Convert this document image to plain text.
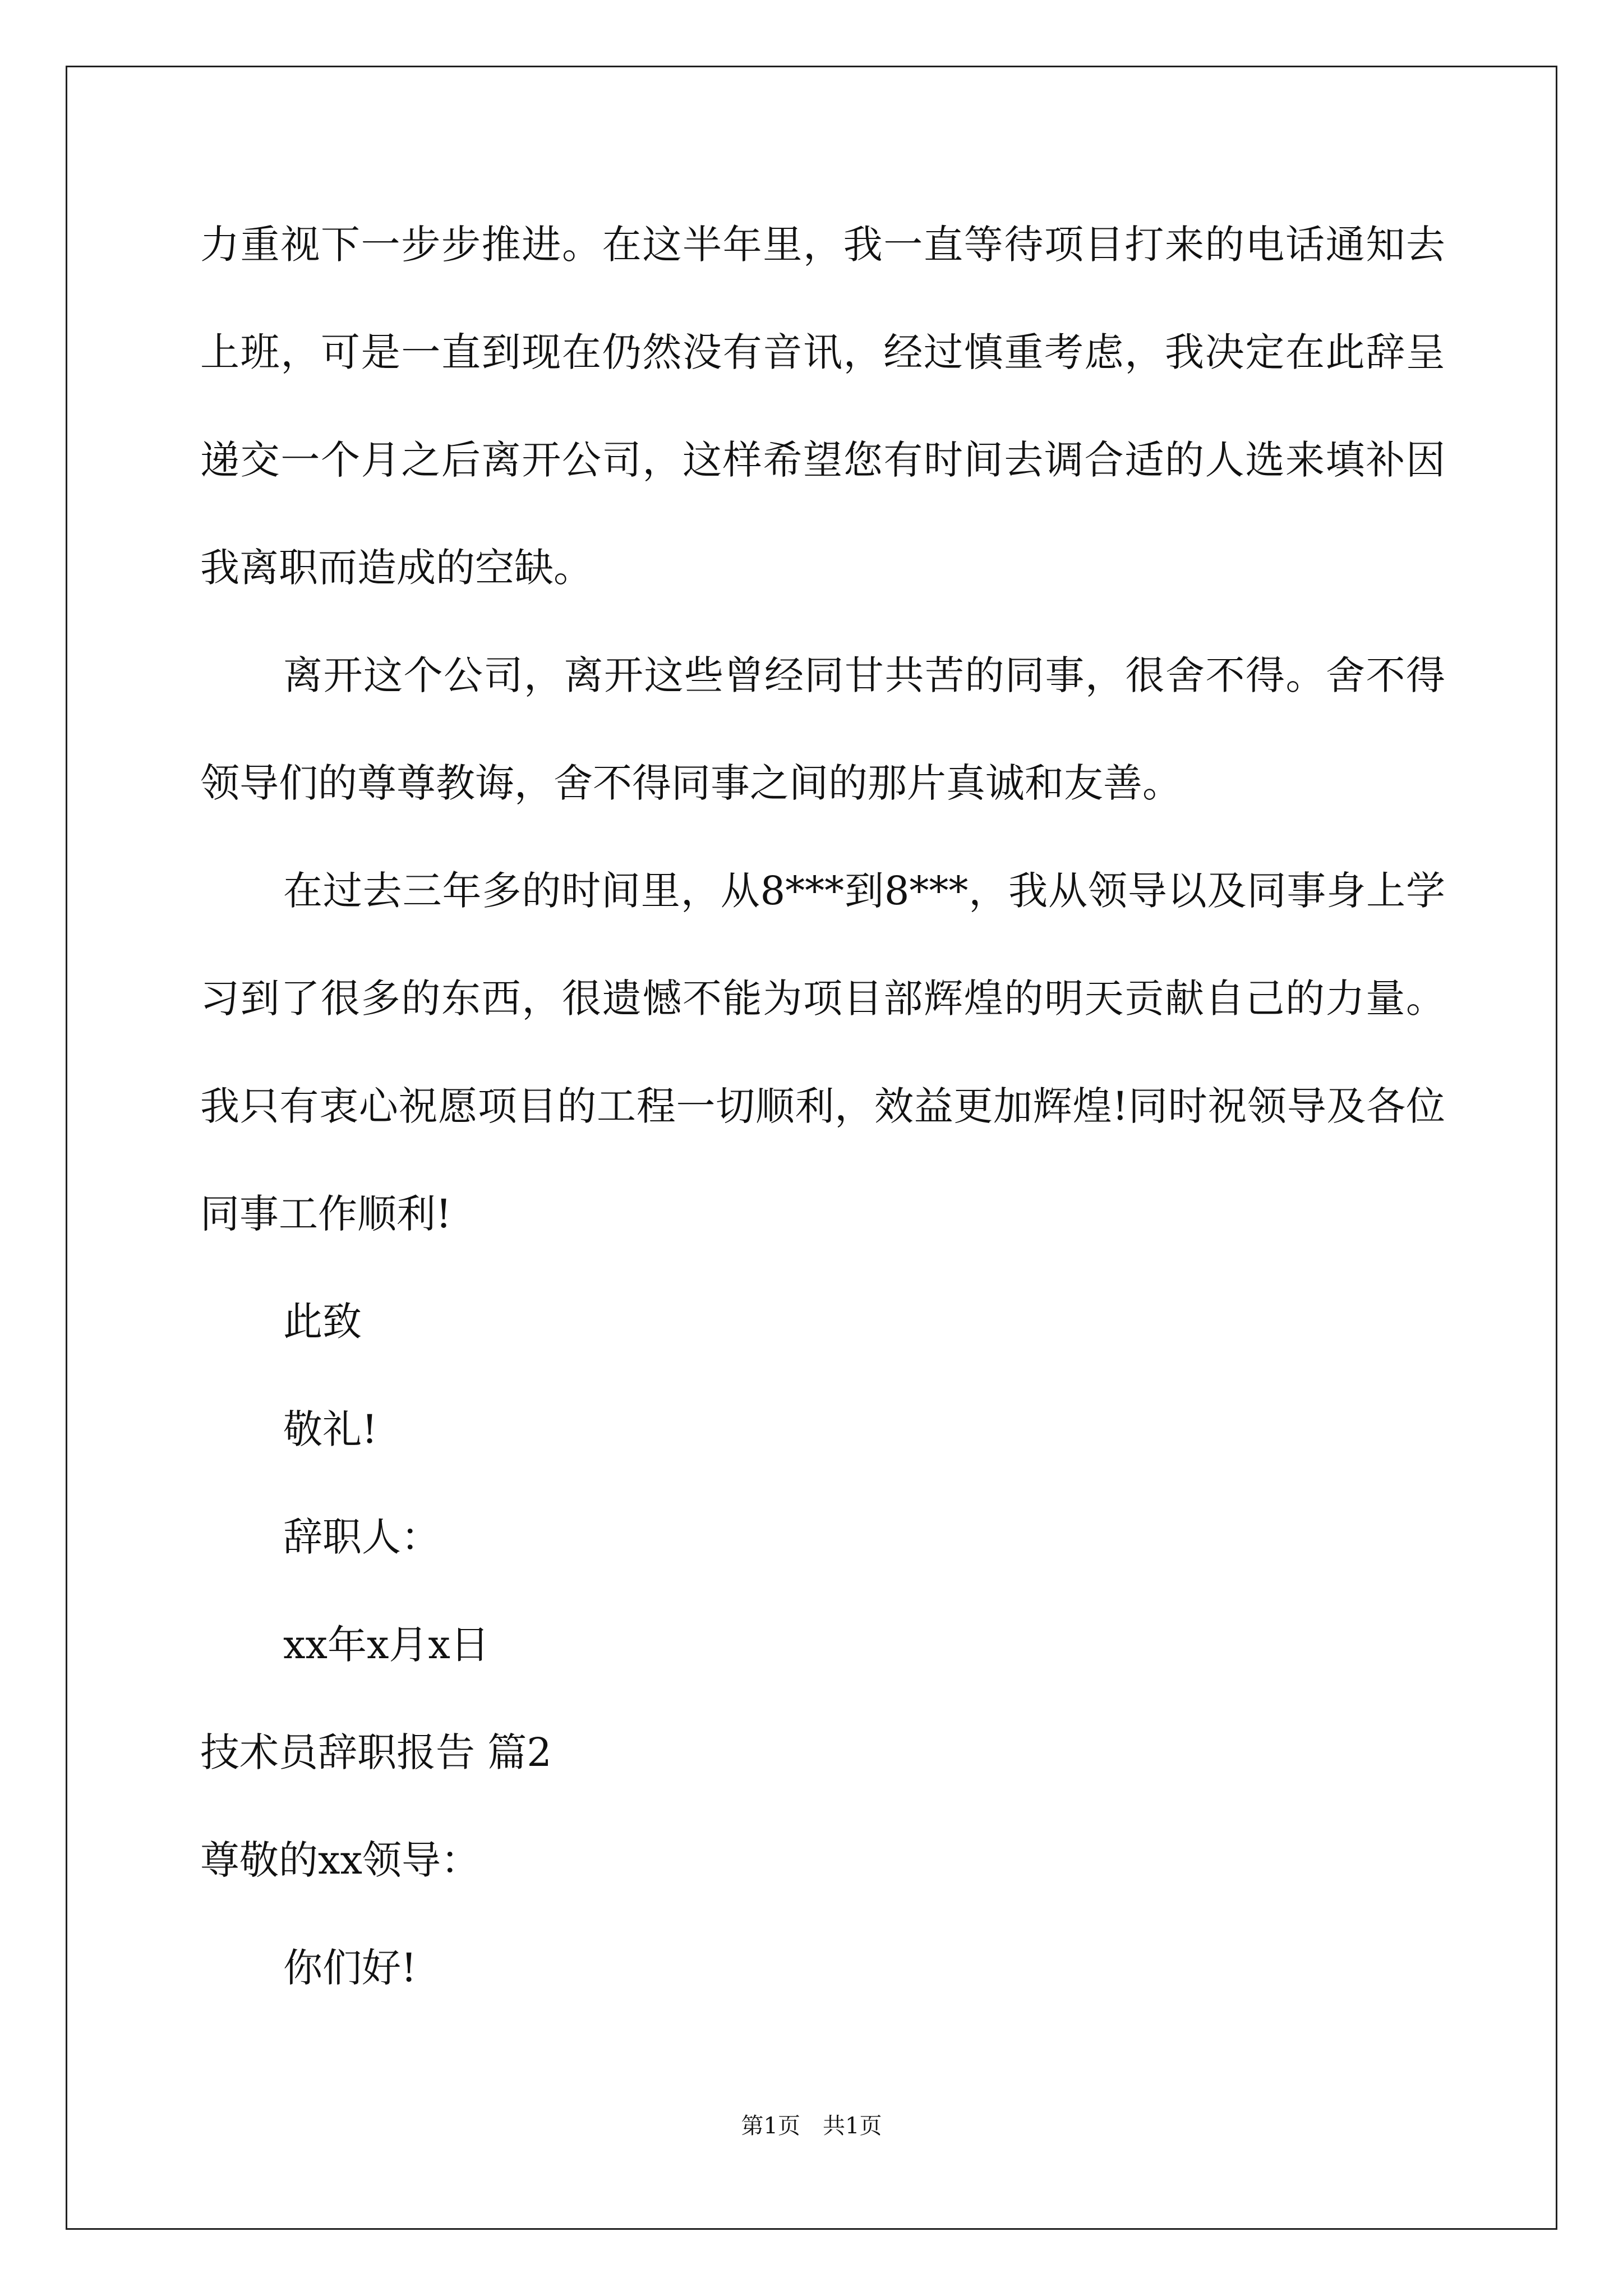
力重视下一步步推进。在这半年里，我一直等待项目打来的电话通知去上班，可是一直到现在仍然没有音讯，经过慎重考虑，我决定在此辞呈递交一个月之后离开公司，这样希望您有时间去调合适的人选来填补因我离职而造成的空缺。

离开这个公司，离开这些曾经同甘共苦的同事，很舍不得。舍不得领导们的尊尊教诲，舍不得同事之间的那片真诚和友善。

在过去三年多的时间里，从8***到8***，我从领导以及同事身上学习到了很多的东西，很遗憾不能为项目部辉煌的明天贡献自己的力量。我只有衷心祝愿项目的工程一切顺利，效益更加辉煌!同时祝领导及各位同事工作顺利!

此致

敬礼!

辞职人：

xx年x月x日

技术员辞职报告 篇2

尊敬的xx领导：

你们好!

第1页　共1页
